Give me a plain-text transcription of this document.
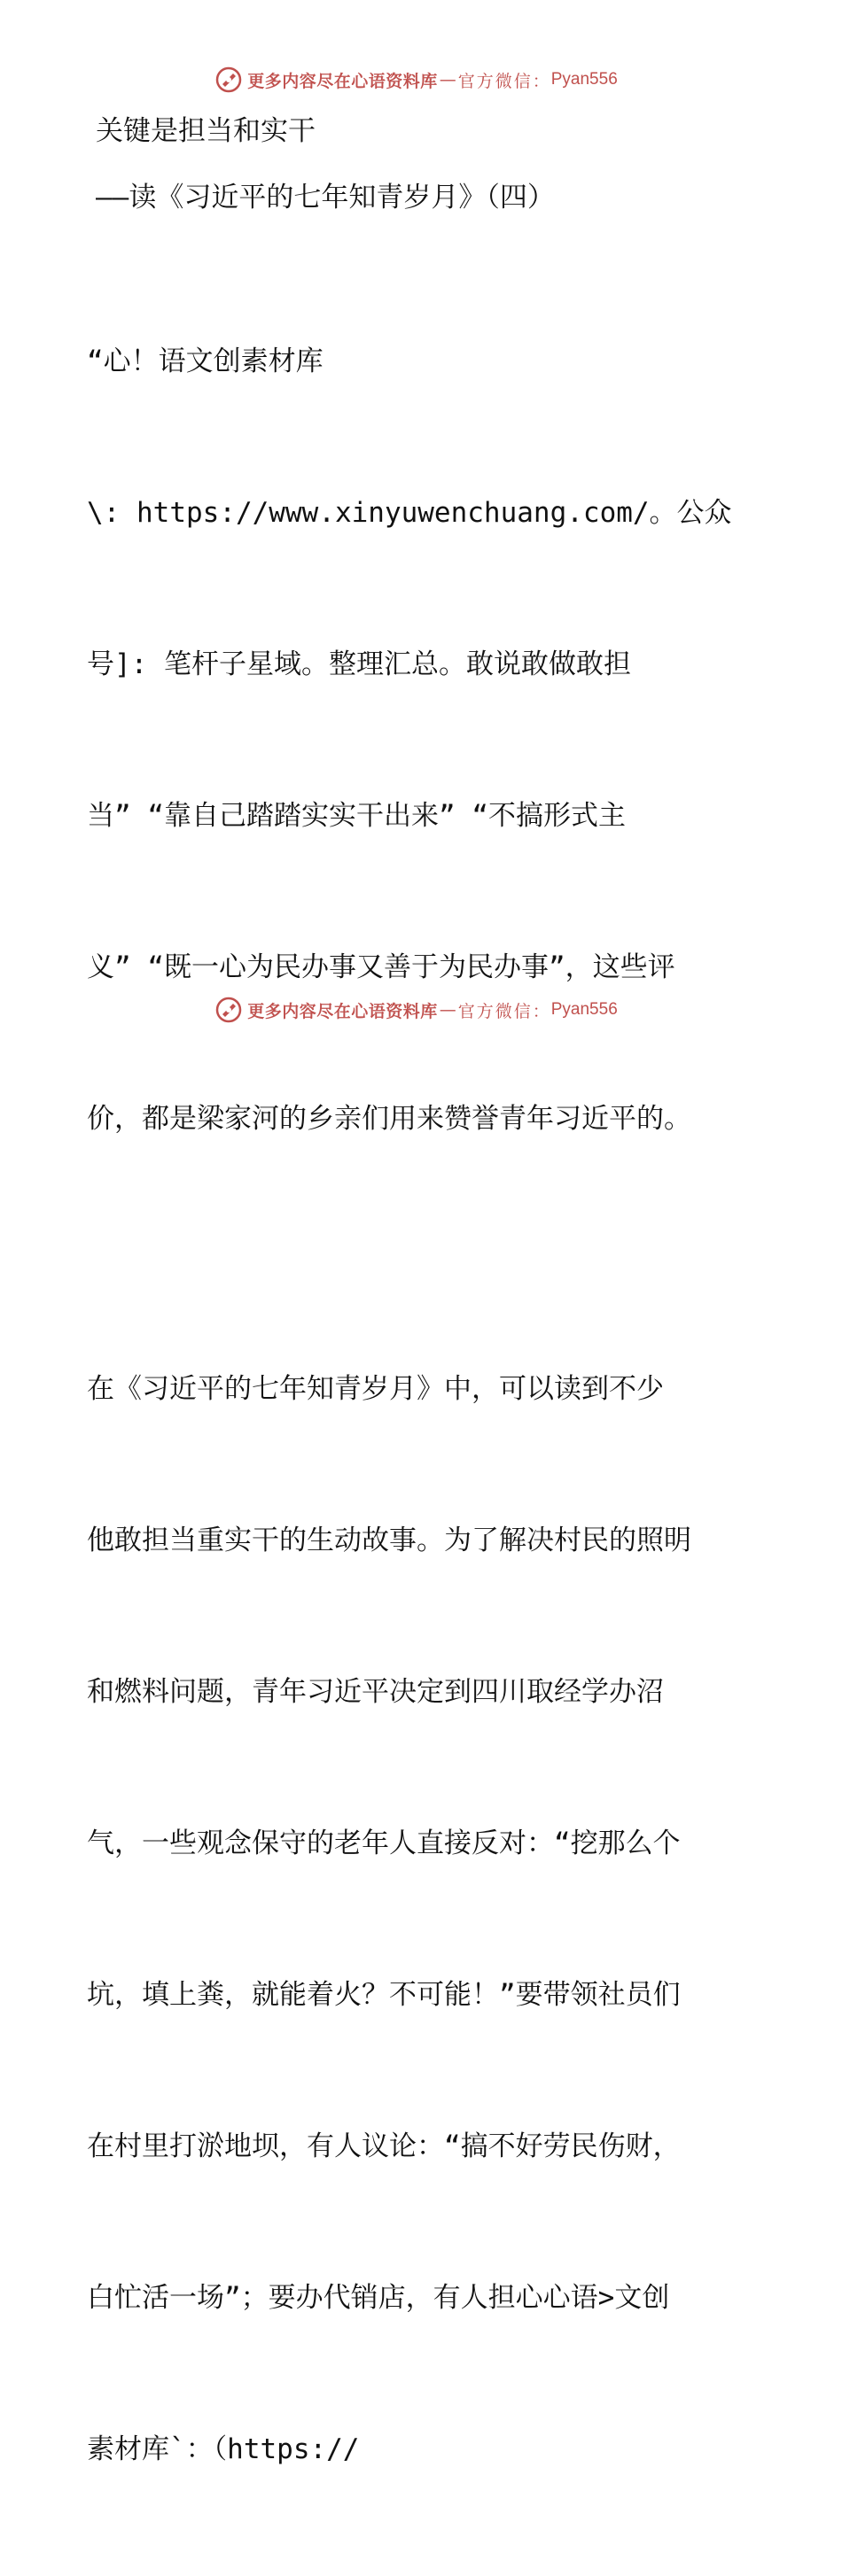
更多内容尽在心语资料库 — 官方微信： Pyan556
关键是担当和实干
——读《习近平的七年知青岁月》（四）

“心！语文创素材库

\: https://www.xinyuwenchuang.com/。公众

号]: 笔杆子星域。整理汇总。敢说敢做敢担

当” “靠自己踏踏实实干出来” “不搞形式主

义” “既一心为民办事又善于为民办事”，这些评

价，都是梁家河的乡亲们用来赞誉青年习近平的。

在《习近平的七年知青岁月》中，可以读到不少

他敢担当重实干的生动故事。为了解决村民的照明

和燃料问题，青年习近平决定到四川取经学办沼

气，一些观念保守的老年人直接反对：“挖那么个

坑，填上粪，就能着火？不可能！”要带领社员们

在村里打淤地坝，有人议论：“搞不好劳民伤财，

白忙活一场”；要办代销店，有人担心心语>文创

素材库`：（https://

更多内容尽在心语资料库 — 官方微信： Pyan556
